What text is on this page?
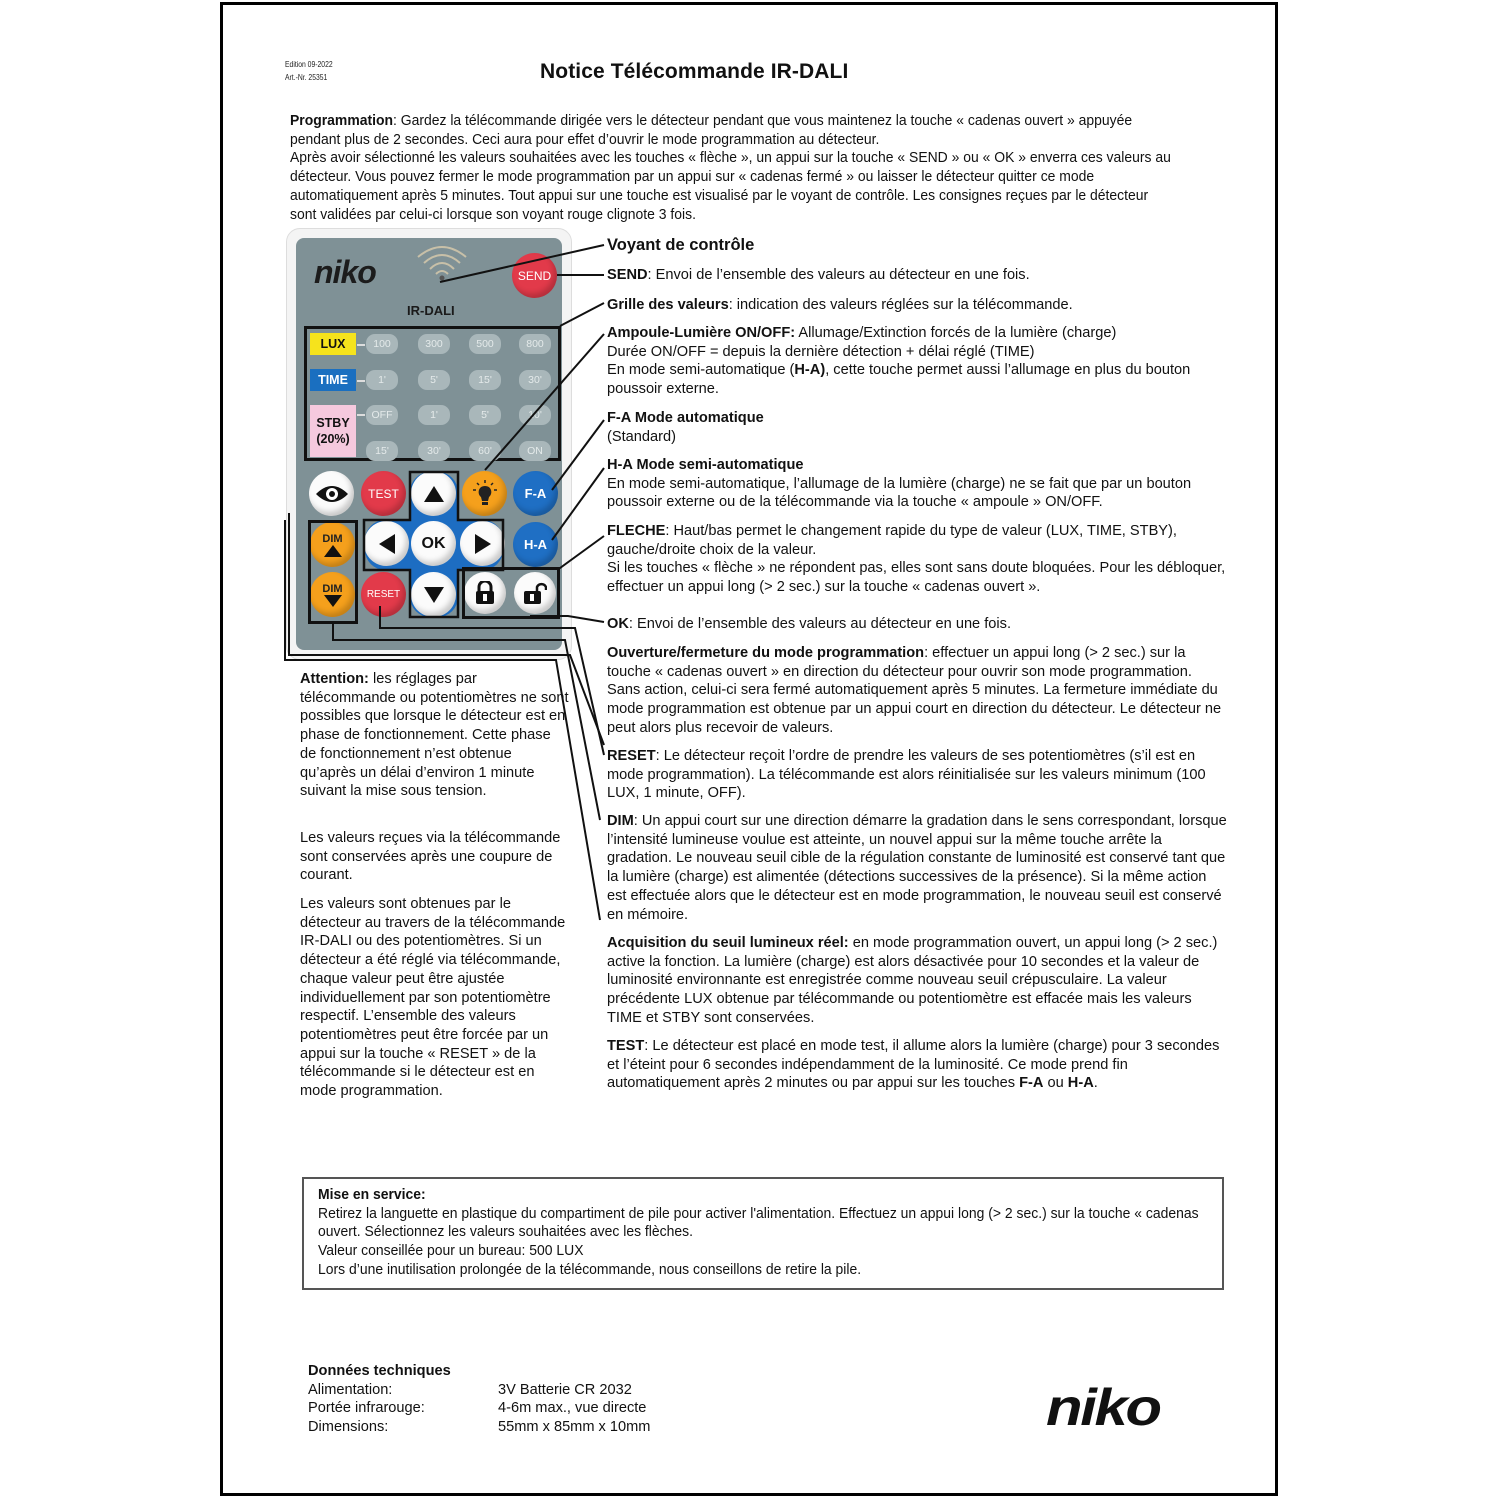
Edition 09-2022
Art.-Nr. 25351	Notice Télécommande IR-DALI
Programmation: Gardez la télécommande dirigée vers le détecteur pendant que vous maintenez la touche « cadenas ouvert » appuyée pendant plus de 2 secondes. Ceci aura pour effet d’ouvrir le mode programmation au détecteur.
Après avoir sélectionné les valeurs souhaitées avec les touches « flèche », un appui sur la touche « SEND » ou « OK » enverra ces valeurs au détecteur. Vous pouvez fermer le mode programmation par un appui sur « cadenas fermé » ou laisser le détecteur quitter ce mode automatiquement après 5 minutes. Tout appui sur une touche est visualisé par le voyant de contrôle. Les consignes reçues par le détecteur sont validées par celui-ci lorsque son voyant rouge clignote 3 fois.
niko	SEND
IR-DALI
LUX	100	300	500	800
TIME	1'	5'	15'	30'
STBY
(20%)
OFF	1'	5'	10'
15'	30'	60'	ON
TEST	F-A
DIM	OK	H-A
DIM	RESET
Voyant de contrôle
SEND: Envoi de l’ensemble des valeurs au détecteur en une fois.
Grille des valeurs: indication des valeurs réglées sur la télécommande.
Ampoule-Lumière ON/OFF: Allumage/Extinction forcés de la lumière (charge)
Durée ON/OFF = depuis la dernière détection + délai réglé (TIME)
En mode semi-automatique (H-A), cette touche permet aussi l’allumage en plus du bouton poussoir externe.
F-A Mode automatique
(Standard)
H-A Mode semi-automatique
En mode semi-automatique, l’allumage de la lumière (charge) ne se fait que par un bouton poussoir externe ou de la télécommande via la touche « ampoule » ON/OFF.
FLECHE: Haut/bas permet le changement rapide du type de valeur (LUX, TIME, STBY), gauche/droite choix de la valeur.
Si les touches « flèche » ne répondent pas, elles sont sans doute bloquées. Pour les débloquer, effectuer un appui long (> 2 sec.) sur la touche « cadenas ouvert ».
OK: Envoi de l’ensemble des valeurs au détecteur en une fois.
Ouverture/fermeture du mode programmation: effectuer un appui long (> 2 sec.) sur la touche « cadenas ouvert » en direction du détecteur pour ouvrir son mode programmation. Sans action, celui-ci sera fermé automatiquement après 5 minutes. La fermeture immédiate du mode programmation est obtenue par un appui court en direction du détecteur. Le détecteur ne peut alors plus recevoir de valeurs.
RESET: Le détecteur reçoit l’ordre de prendre les valeurs de ses potentiomètres (s’il est en mode programmation). La télécommande est alors réinitialisée sur les valeurs minimum (100 LUX, 1 minute, OFF).
DIM: Un appui court sur une direction démarre la gradation dans le sens correspondant, lorsque l’intensité lumineuse voulue est atteinte, un nouvel appui sur la même touche arrête la gradation. Le nouveau seuil cible de la régulation constante de luminosité est conservé tant que la lumière (charge) est alimentée (détections successives de la présence). Si la même action est effectuée alors que le détecteur est en mode programmation, le nouveau seuil est conservé en mémoire.
Acquisition du seuil lumineux réel: en mode programmation ouvert, un appui long (> 2 sec.) active la fonction. La lumière (charge) est alors désactivée pour 10 secondes et la valeur de luminosité environnante est enregistrée comme nouveau seuil crépusculaire. La valeur précédente LUX obtenue par télécommande ou potentiomètre est effacée mais les valeurs TIME et STBY sont conservées.
TEST: Le détecteur est placé en mode test, il allume alors la lumière (charge) pour 3 secondes et l’éteint pour 6 secondes indépendamment de la luminosité. Ce mode prend fin automatiquement après 2 minutes ou par appui sur les touches F-A ou H-A.
Attention: les réglages par télécommande ou potentiomètres ne sont possibles que lorsque le détecteur est en phase de fonctionnement. Cette phase de fonctionnement n’est obtenue qu’après un délai d’environ 1 minute suivant la mise sous tension.
Les valeurs reçues via la télécommande sont conservées après une coupure de courant.
Les valeurs sont obtenues par le détecteur au travers de la télécommande IR-DALI ou des potentiomètres. Si un détecteur a été réglé via télécommande, chaque valeur peut être ajustée individuellement par son potentiomètre respectif. L’ensemble des valeurs potentiomètres peut être forcée par un appui sur la touche « RESET » de la télécommande si le détecteur est en mode programmation.
Mise en service:
Retirez la languette en plastique du compartiment de pile pour activer l'alimentation. Effectuez un appui long (> 2 sec.) sur la touche « cadenas ouvert. Sélectionnez les valeurs souhaitées avec les flèches.
Valeur conseillée pour un bureau: 500 LUX
Lors d’une inutilisation prolongée de la télécommande, nous conseillons de retire la pile.
Données techniques
Alimentation:	3V Batterie CR 2032
Portée infrarouge:	4-6m max., vue directe
Dimensions:	55mm x 85mm x 10mm	niko
